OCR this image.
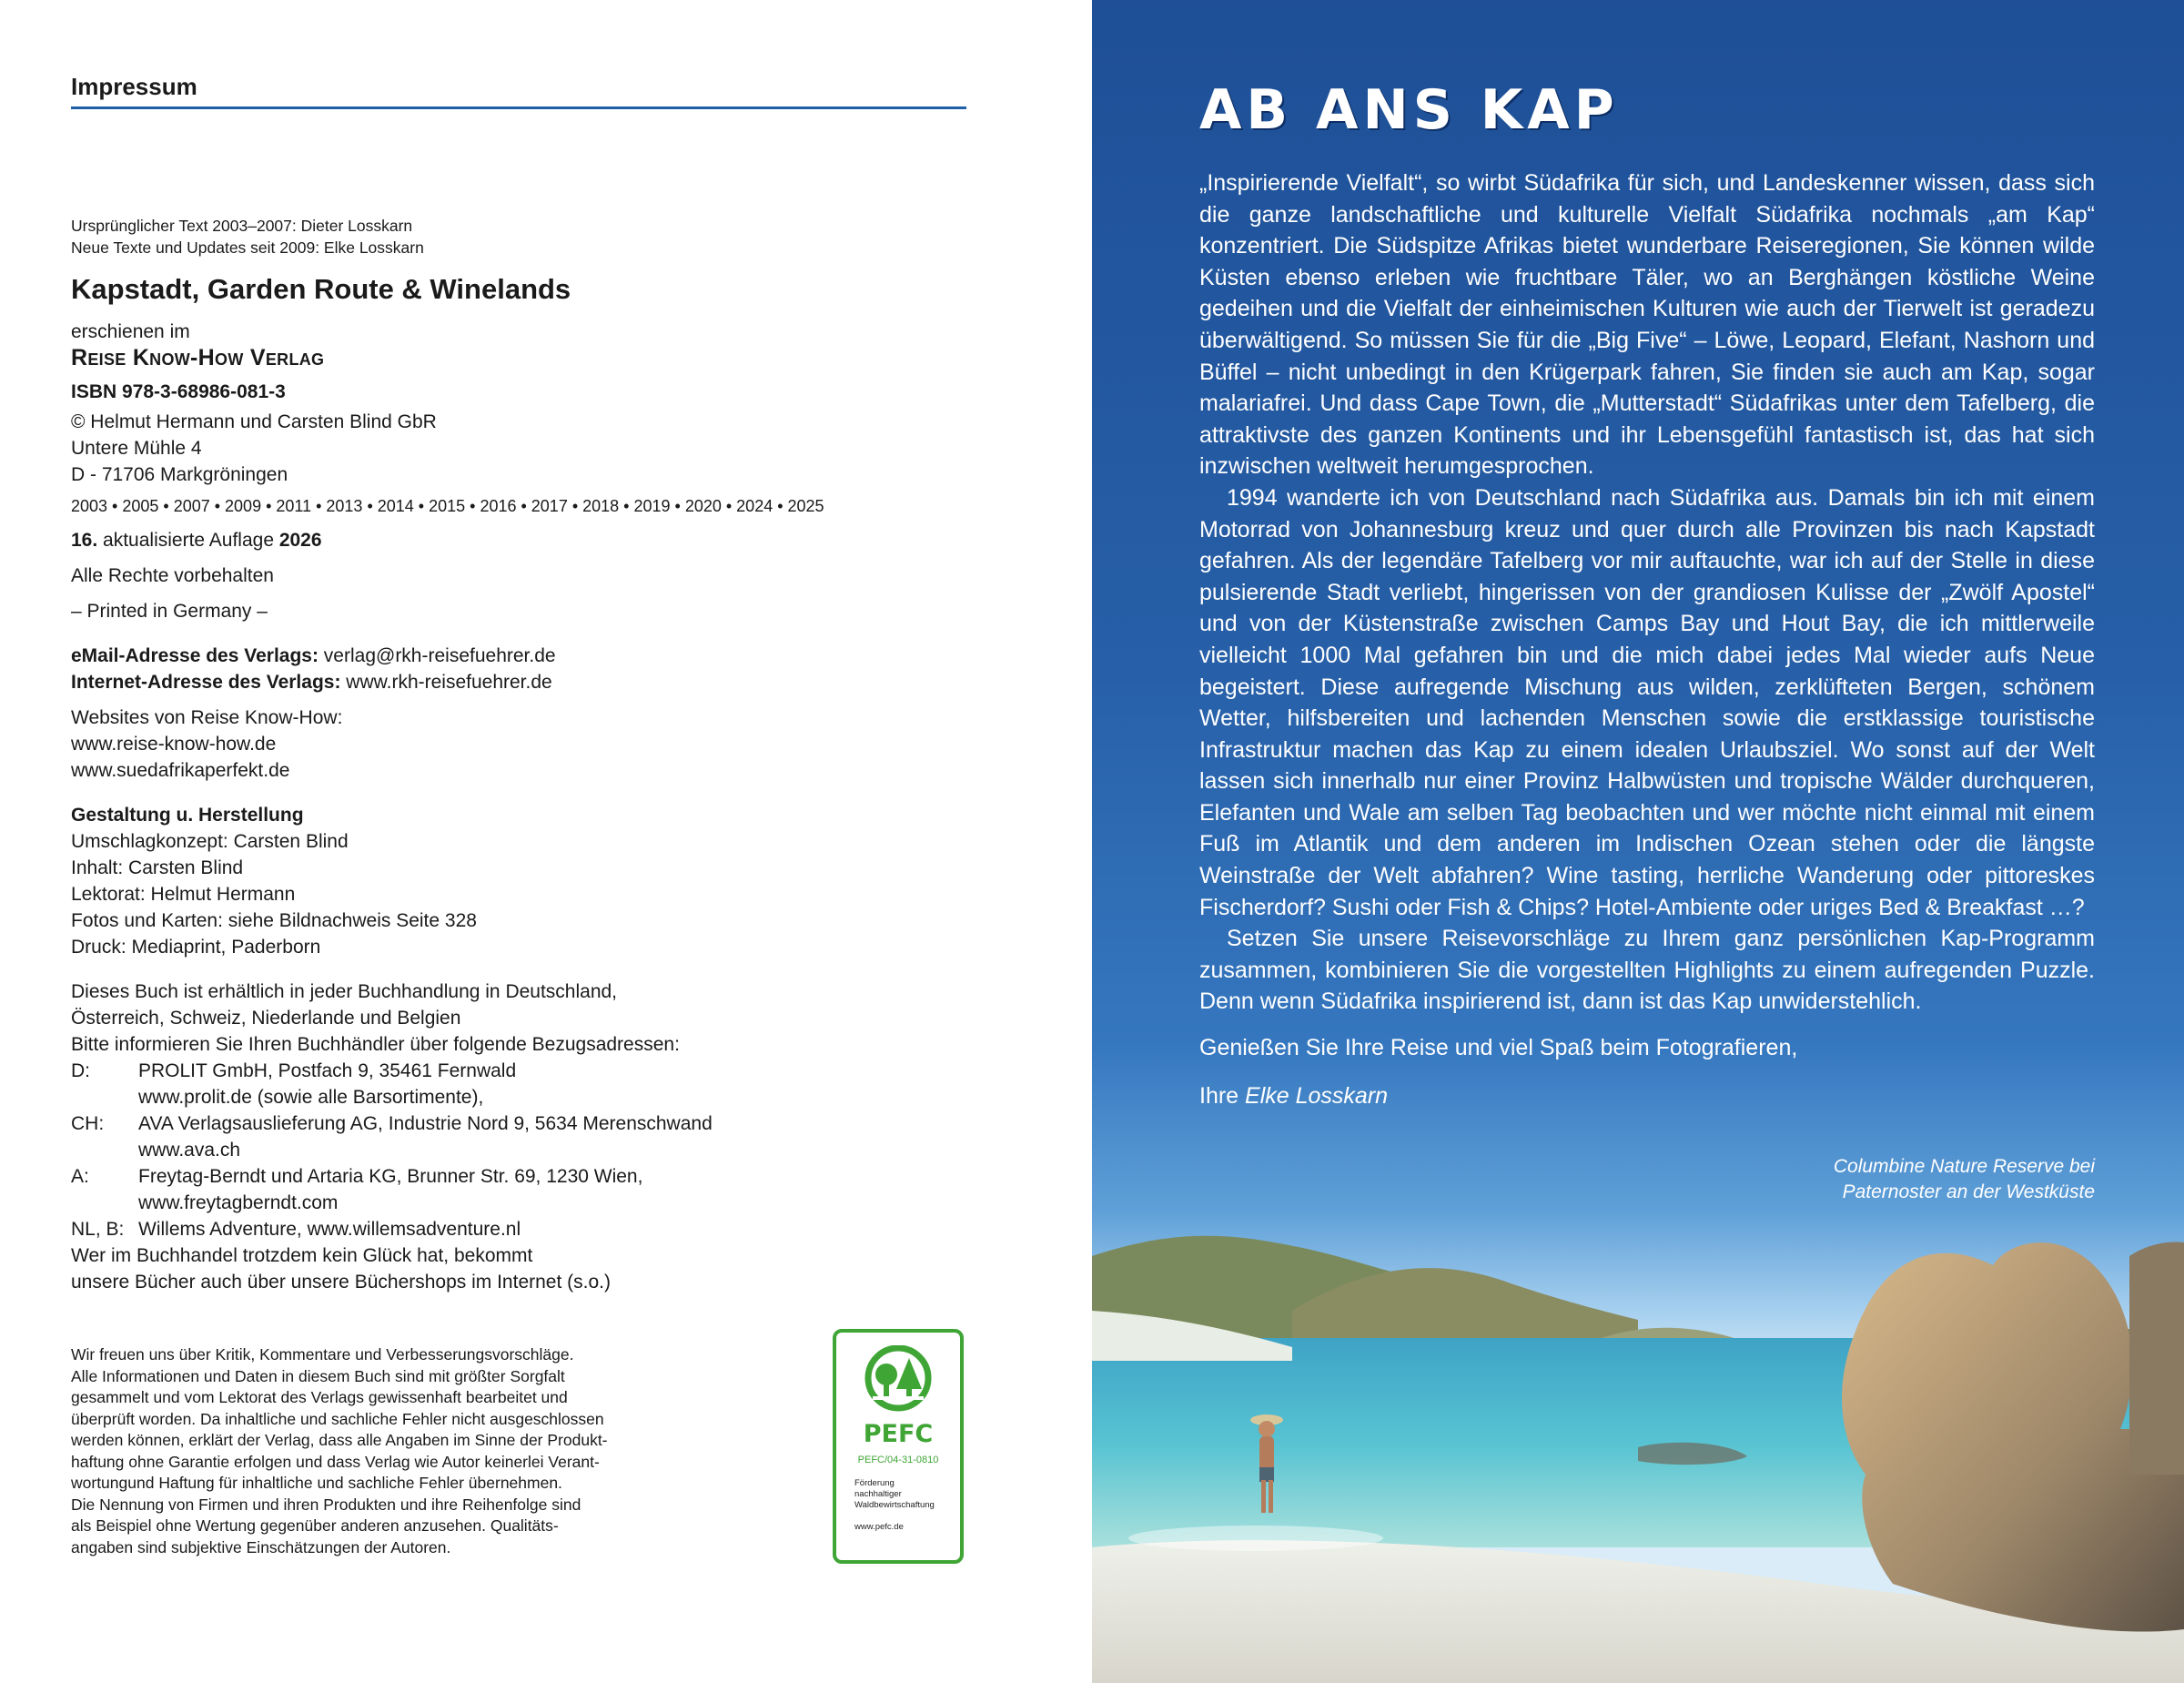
Impressum
Ursprünglicher Text 2003–2007: Dieter Losskarn
Neue Texte und Updates seit 2009: Elke Losskarn
Kapstadt, Garden Route & Winelands
erschienen im
Reise Know-How Verlag
ISBN 978-3-68986-081-3
© Helmut Hermann und Carsten Blind GbR
Untere Mühle 4
D - 71706 Markgröningen
2003 • 2005 • 2007 • 2009 • 2011 • 2013 • 2014 • 2015 • 2016 • 2017 • 2018 • 2019 • 2020 • 2024 • 2025
16. aktualisierte Auflage 2026
Alle Rechte vorbehalten
– Printed in Germany –
eMail-Adresse des Verlags: verlag@rkh-reisefuehrer.de
Internet-Adresse des Verlags: www.rkh-reisefuehrer.de
Websites von Reise Know-How:
www.reise-know-how.de
www.suedafrikaperfekt.de
Gestaltung u. Herstellung
Umschlagkonzept: Carsten Blind
Inhalt: Carsten Blind
Lektorat: Helmut Hermann
Fotos und Karten: siehe Bildnachweis Seite 328
Druck: Mediaprint, Paderborn
Dieses Buch ist erhältlich in jeder Buchhandlung in Deutschland,
Österreich, Schweiz, Niederlande und Belgien
Bitte informieren Sie Ihren Buchhändler über folgende Bezugsadressen:
D:	PROLIT GmbH, Postfach 9, 35461 Fernwald
www.prolit.de (sowie alle Barsortimente),
CH:	AVA Verlagsauslieferung AG, Industrie Nord 9, 5634 Merenschwand
www.ava.ch
A:	Freytag-Berndt und Artaria KG, Brunner Str. 69, 1230 Wien,
www.freytagberndt.com
NL, B: Willems Adventure, www.willemsadventure.nl
Wer im Buchhandel trotzdem kein Glück hat, bekommt
unsere Bücher auch über unsere Büchershops im Internet (s.o.)
Wir freuen uns über Kritik, Kommentare und Verbesserungsvorschläge.
Alle Informationen und Daten in diesem Buch sind mit größter Sorgfalt
gesammelt und vom Lektorat des Verlags gewissenhaft bearbeitet und
überprüft worden. Da inhaltliche und sachliche Fehler nicht ausgeschlossen
werden können, erklärt der Verlag, dass alle Angaben im Sinne der Produkt-
haftung ohne Garantie erfolgen und dass Verlag wie Autor keinerlei Verant-
wortungund Haftung für inhaltliche und sachliche Fehler übernehmen.
Die Nennung von Firmen und ihren Produkten und ihre Reihenfolge sind
als Beispiel ohne Wertung gegenüber anderen anzusehen. Qualitäts-
angaben sind subjektive Einschätzungen der Autoren.
PEFC
PEFC/04-31-0810
Förderung
nachhaltiger
Waldbewirtschaftung
www.pefc.de
AB ANS KAP

„Inspirierende Vielfalt“, so wirbt Südafrika für sich, und Landeskenner wissen, dass sich die ganze landschaftliche und kulturelle Vielfalt Südafrika nochmals „am Kap“ konzentriert. Die Südspitze Afrikas bietet wunderbare Reiseregionen, Sie können wilde Küsten ebenso erleben wie fruchtbare Täler, wo an Berghängen köstliche Weine gedeihen und die Vielfalt der einheimischen Kulturen wie auch der Tierwelt ist geradezu überwältigend. So müssen Sie für die „Big Five“ – Löwe, Leopard, Elefant, Nashorn und Büffel – nicht unbedingt in den Krügerpark fahren, Sie finden sie auch am Kap, sogar malariafrei. Und dass Cape Town, die „Mutterstadt“ Südafrikas unter dem Tafelberg, die attraktivste des ganzen Kontinents und ihr Lebensgefühl fantastisch ist, das hat sich inzwischen weltweit herumgesprochen.

1994 wanderte ich von Deutschland nach Südafrika aus. Damals bin ich mit einem Motorrad von Johannesburg kreuz und quer durch alle Provinzen bis nach Kapstadt gefahren. Als der legendäre Tafelberg vor mir auftauchte, war ich auf der Stelle in diese pulsierende Stadt verliebt, hingerissen von der grandiosen Kulisse der „Zwölf Apostel“ und von der Küstenstraße zwischen Camps Bay und Hout Bay, die ich mittlerweile vielleicht 1000 Mal gefahren bin und die mich dabei jedes Mal wieder aufs Neue begeistert. Diese aufregende Mischung aus wilden, zerklüfteten Bergen, schönem Wetter, hilfsbereiten und lachenden Menschen sowie die erstklassige touristische Infrastruktur machen das Kap zu einem idealen Urlaubsziel. Wo sonst auf der Welt lassen sich innerhalb nur einer Provinz Halbwüsten und tropische Wälder durchqueren, Elefanten und Wale am selben Tag beobachten und wer möchte nicht einmal mit einem Fuß im Atlantik und dem anderen im Indischen Ozean stehen oder die längste Weinstraße der Welt abfahren? Wine tasting, herrliche Wanderung oder pittoreskes Fischerdorf? Sushi oder Fish & Chips? Hotel-Ambiente oder uriges Bed & Breakfast …?

Setzen Sie unsere Reisevorschläge zu Ihrem ganz persönlichen Kap-Programm zusammen, kombinieren Sie die vorgestellten Highlights zu einem aufregenden Puzzle. Denn wenn Südafrika inspirierend ist, dann ist das Kap unwiderstehlich.

Genießen Sie Ihre Reise und viel Spaß beim Fotografieren,

Ihre Elke Losskarn

Columbine Nature Reserve bei
Paternoster an der Westküste
